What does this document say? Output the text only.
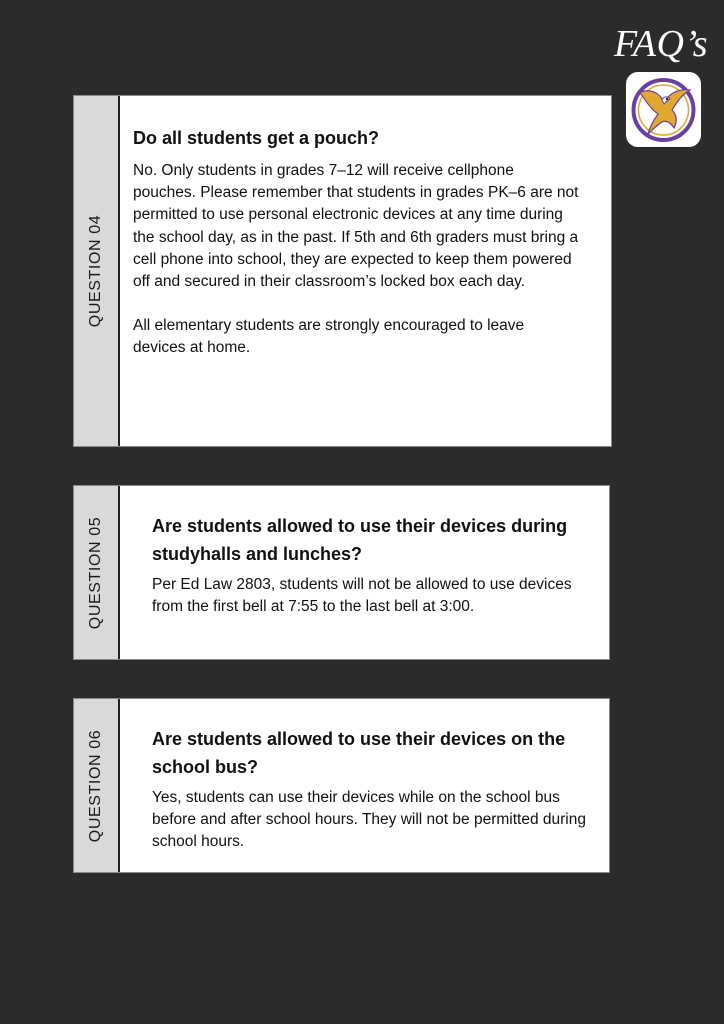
FAQ’s
QUESTION 04
Do all students get a pouch?

No. Only students in grades 7–12 will receive cellphone pouches. Please remember that students in grades PK–6 are not permitted to use personal electronic devices at any time during the school day, as in the past. If 5th and 6th graders must bring a cell phone into school, they are expected to keep them powered off and secured in their classroom’s locked box each day.

All elementary students are strongly encouraged to leave devices at home.

QUESTION 05	Are students allowed to use their devices during studyhalls and lunches?

Per Ed Law 2803, students will not be allowed to use devices from the first bell at 7:55 to the last bell at 3:00.

QUESTION 06	Are students allowed to use their devices on the school bus?

Yes, students can use their devices while on the school bus before and after school hours. They will not be permitted during school hours.
